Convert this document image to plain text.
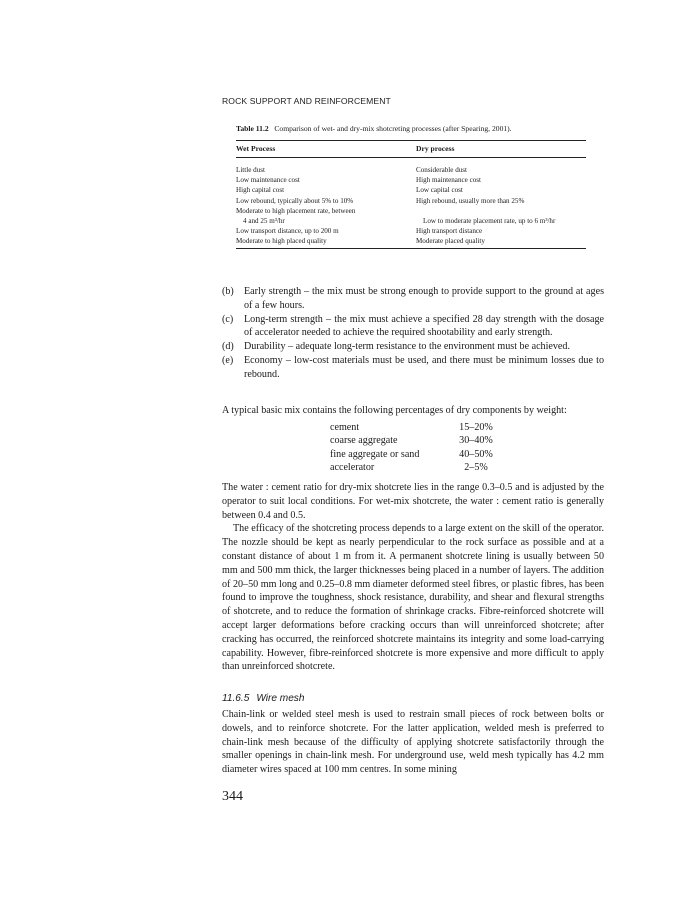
ROCK SUPPORT AND REINFORCEMENT
Table 11.2 Comparison of wet- and dry-mix shotcreting processes (after Spearing, 2001).
Wet Process	Dry process
Little dust	Considerable dust
Low maintenance cost	High maintenance cost
High capital cost	Low capital cost
Low rebound, typically about 5% to 10%	High rebound, usually more than 25%
Moderate to high placement rate, between
4 and 25 m³/hr	Low to moderate placement rate, up to 6 m³/hr
Low transport distance, up to 200 m	High transport distance
Moderate to high placed quality	Moderate placed quality
(b)	Early strength – the mix must be strong enough to provide support to the ground at ages of a few hours.
(c)	Long-term strength – the mix must achieve a specified 28 day strength with the dosage of accelerator needed to achieve the required shootability and early strength.
(d)	Durability – adequate long-term resistance to the environment must be achieved.
(e)	Economy – low-cost materials must be used, and there must be minimum losses due to rebound.
A typical basic mix contains the following percentages of dry components by weight:
cement	15–20%
coarse aggregate	30–40%
fine aggregate or sand	40–50%
accelerator	2–5%

The water : cement ratio for dry-mix shotcrete lies in the range 0.3–0.5 and is adjusted by the operator to suit local conditions. For wet-mix shotcrete, the water : cement ratio is generally between 0.4 and 0.5.

The efficacy of the shotcreting process depends to a large extent on the skill of the operator. The nozzle should be kept as nearly perpendicular to the rock surface as possible and at a constant distance of about 1 m from it. A permanent shotcrete lining is usually between 50 mm and 500 mm thick, the larger thicknesses being placed in a number of layers. The addition of 20–50 mm long and 0.25–0.8 mm diameter deformed steel fibres, or plastic fibres, has been found to improve the toughness, shock resistance, durability, and shear and flexural strengths of shotcrete, and to reduce the formation of shrinkage cracks. Fibre-reinforced shotcrete will accept larger deformations before cracking occurs than will unreinforced shotcrete; after cracking has occurred, the reinforced shotcrete maintains its integrity and some load-carrying capability. However, fibre-reinforced shotcrete is more expensive and more difficult to apply than unreinforced shotcrete.

11.6.5 Wire mesh

Chain-link or welded steel mesh is used to restrain small pieces of rock between bolts or dowels, and to reinforce shotcrete. For the latter application, welded mesh is preferred to chain-link mesh because of the difficulty of applying shotcrete satisfactorily through the smaller openings in chain-link mesh. For underground use, weld mesh typically has 4.2 mm diameter wires spaced at 100 mm centres. In some mining

344
